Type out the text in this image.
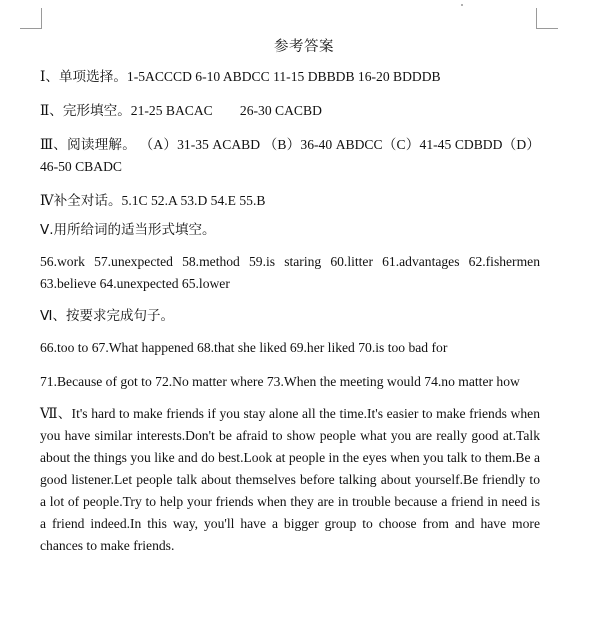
参考答案

Ⅰ、单项选择。1-5ACCCD 6-10 ABDCC 11-15 DBBDB 16-20 BDDDB

Ⅱ、完形填空。21-25 BACAC        26-30 CACBD

Ⅲ、阅读理解。 （A）31-35 ACABD （B）36-40 ABDCC（C）41-45 CDBDD（D）46-50 CBADC

Ⅳ补全对话。5.1C 52.A 53.D 54.E 55.B

Ⅴ.用所给词的适当形式填空。

56.work 57.unexpected 58.method 59.is staring 60.litter 61.advantages 62.fishermen 63.believe 64.unexpected 65.lower

Ⅵ、按要求完成句子。

66.too to 67.What happened 68.that she liked 69.her liked 70.is too bad for

71.Because of got to 72.No matter where 73.When the meeting would 74.no matter how

Ⅶ、It's hard to make friends if you stay alone all the time.It's easier to make friends when you have similar interests.Don't be afraid to show people what you are really good at.Talk about the things you like and do best.Look at people in the eyes when you talk to them.Be a good listener.Let people talk about themselves before talking about yourself.Be friendly to a lot of people.Try to help your friends when they are in trouble because a friend in need is a friend indeed.In this way, you'll have a bigger group to choose from and have more chances to make friends.
